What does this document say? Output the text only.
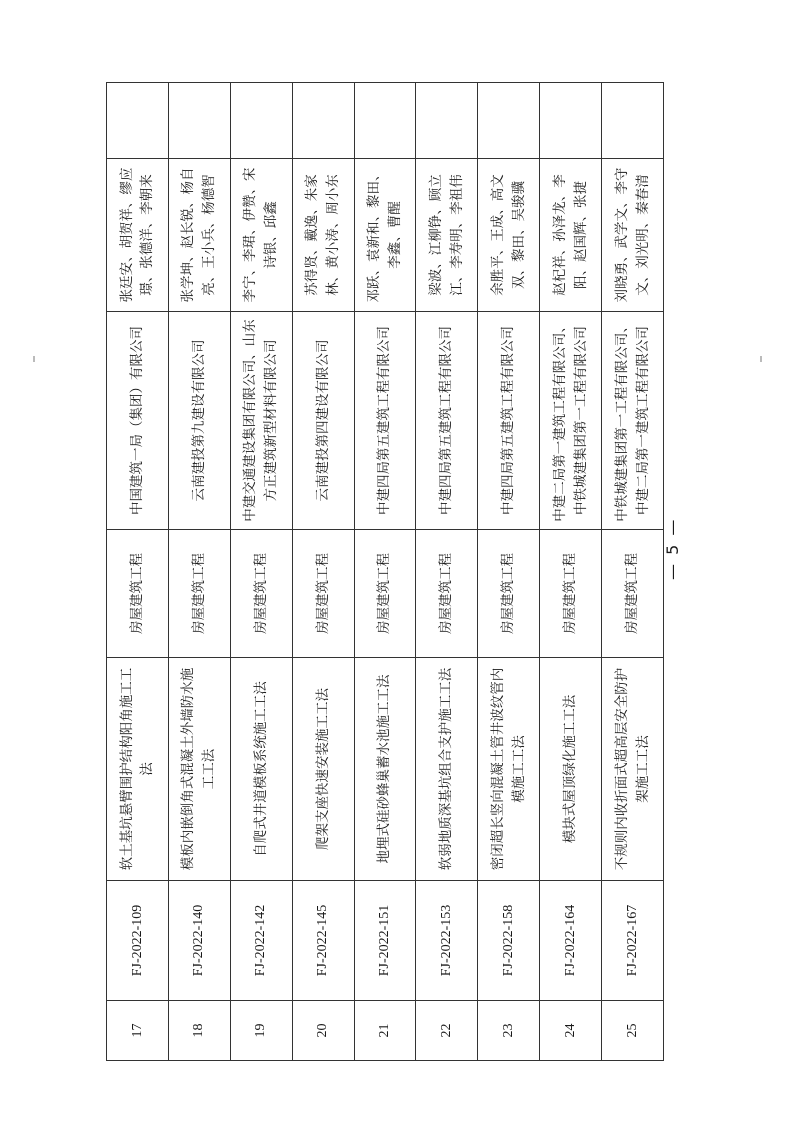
17	FJ-2022-109	软土基坑悬臂围护结构阳角施工工法	房屋建筑工程	中国建筑一局（集团）有限公司	张廷安、胡贺祥、缪应璟、张德洋、李朝来	
18	FJ-2022-140	模板内嵌倒角式混凝土外墙防水施工工法	房屋建筑工程	云南建投第九建设有限公司	张学坤、赵长锐、杨自亮、王小兵、杨德智	
19	FJ-2022-142	自爬式井道模板系统施工工法	房屋建筑工程	中建交通建设集团有限公司、山东方正建筑新型材料有限公司	李宁、李珺、伊赞、宋诗银、邱鑫	
20	FJ-2022-145	爬架支座快速安装施工工法	房屋建筑工程	云南建投第四建设有限公司	苏得贤、戴逸、朱家林、黄小涛、周小东	
21	FJ-2022-151	地埋式硅砂蜂巢蓄水池施工工法	房屋建筑工程	中建四局第五建筑工程有限公司	邓跃、袁新和、黎田、李鑫、曹醒	
22	FJ-2022-153	软弱地质深基坑组合支护施工工法	房屋建筑工程	中建四局第五建筑工程有限公司	梁波、江柳铮、顾立江、李寿明、李祖伟	
23	FJ-2022-158	密闭超长竖向混凝土管井波纹管内模施工工法	房屋建筑工程	中建四局第五建筑工程有限公司	余胜平、王成、高文双、黎田、吴骏骥	
24	FJ-2022-164	模块式屋顶绿化施工工法	房屋建筑工程	中建二局第一建筑工程有限公司、中铁城建集团第一工程有限公司	赵杞祥、孙泽龙、李阳、赵国辉、张捷	
25	FJ-2022-167	不规则内收折面式超高层安全防护架施工工法	房屋建筑工程	中铁城建集团第一工程有限公司、中建二局第一建筑工程有限公司	刘晓勇、武学文、李守文、刘光明、秦春清	
— 5 —
